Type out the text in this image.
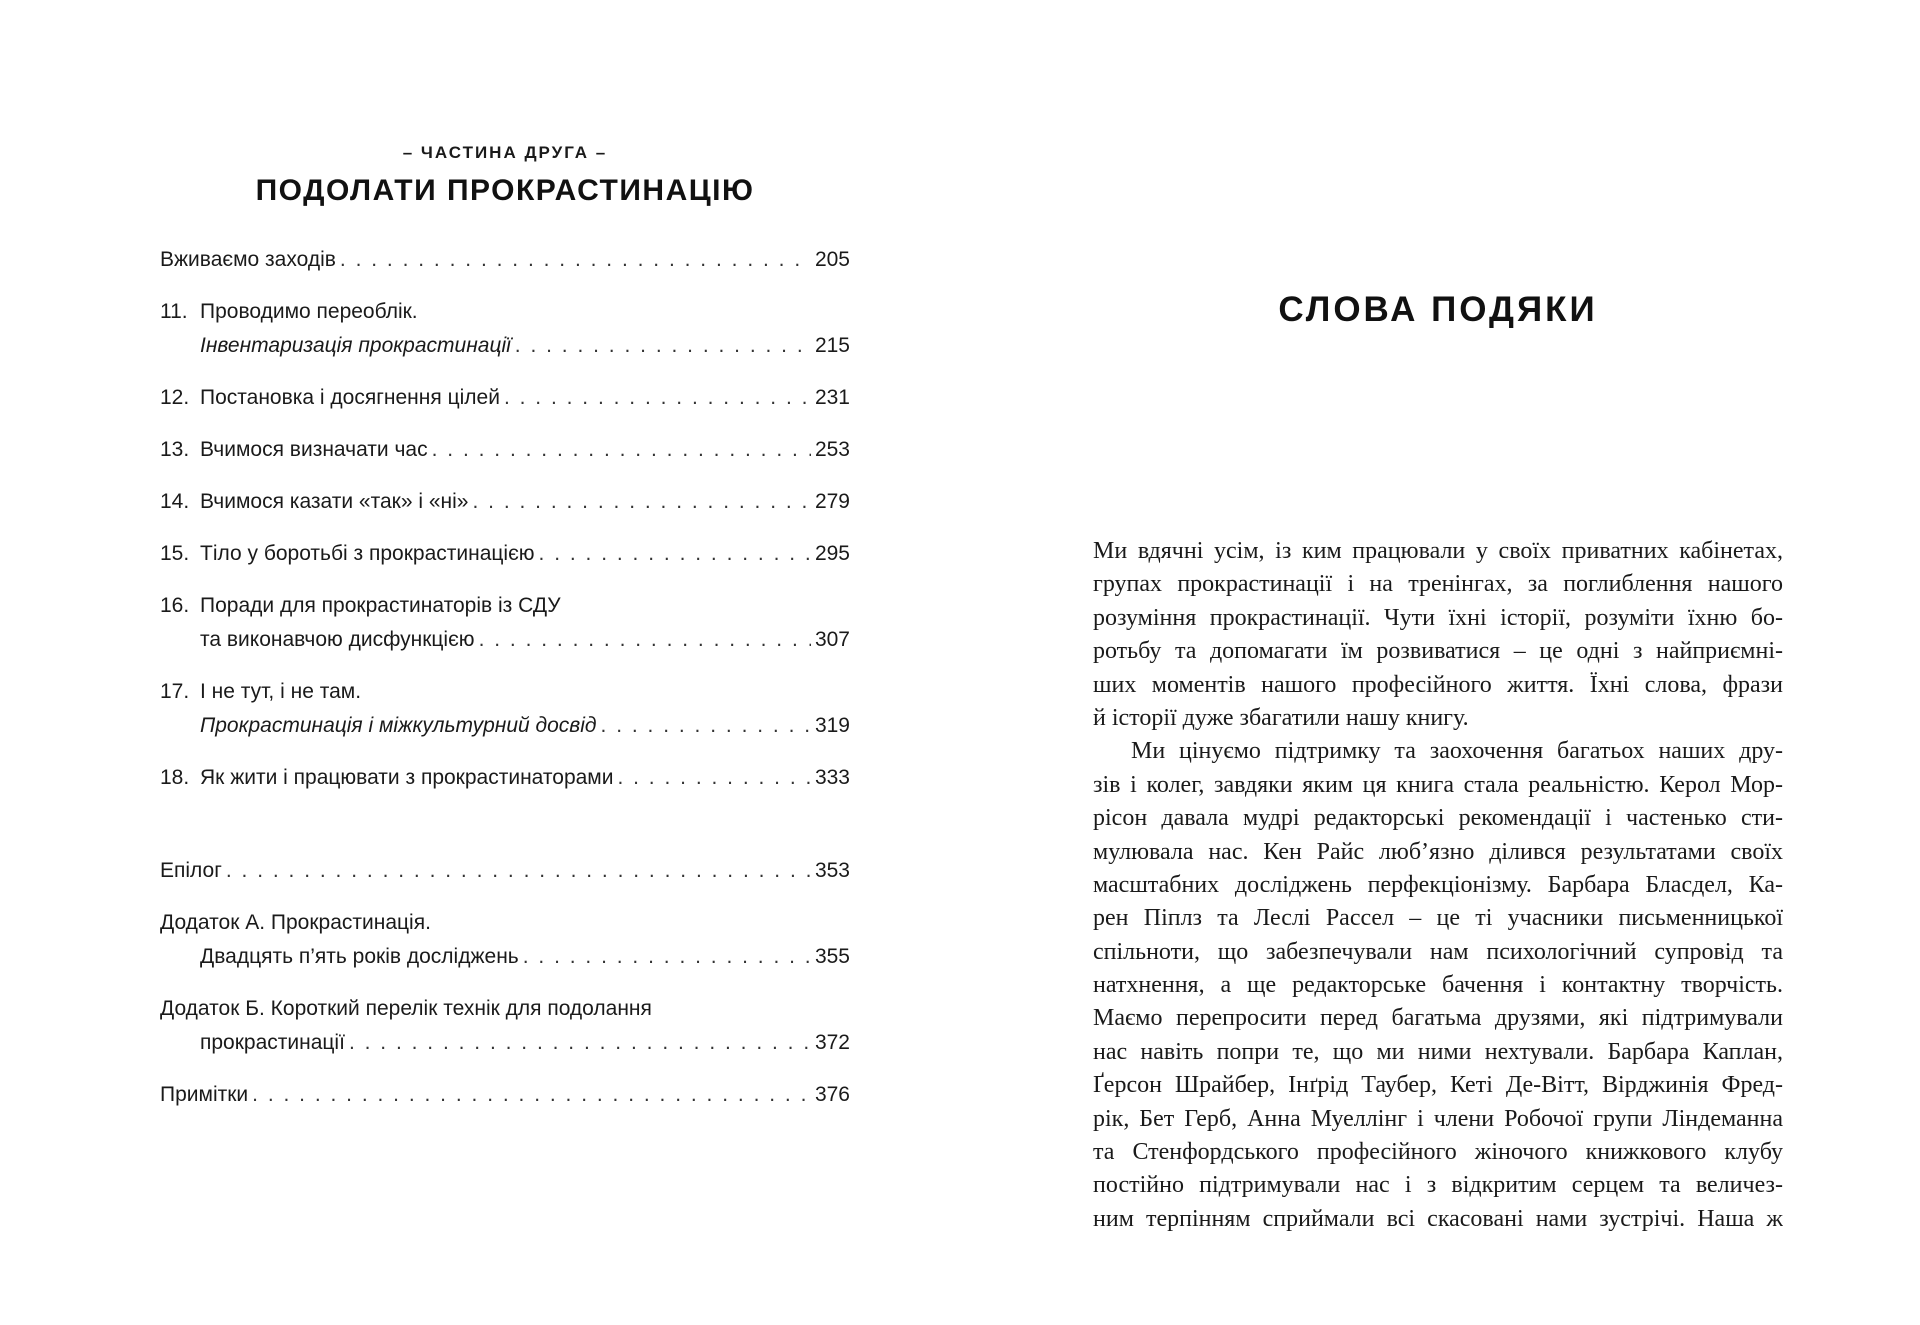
– ЧАСТИНА ДРУГА –
ПОДОЛАТИ ПРОКРАСТИНАЦІЮ
Вживаємо заходів . . .	205
11. Проводимо переоблік.
Інвентаризація прокрастинації . . .	215
12. Постановка і досягнення цілей . . .	231
13. Вчимося визначати час . . .	253
14. Вчимося казати «так» і «ні» . . .	279
15. Тіло у боротьбі з прокрастинацією . . .	295
16. Поради для прокрастинаторів із СДУ
та виконавчою дисфункцією . . .	307
17. І не тут, і не там.
Прокрастинація і міжкультурний досвід . . .	319
18. Як жити і працювати з прокрастинаторами . . .	333
Епілог . . .	353
Додаток А. Прокрастинація.
Двадцять п’ять років досліджень . . .	355
Додаток Б. Короткий перелік технік для подолання
прокрастинації . . .	372
Примітки . . .	376
СЛОВА ПОДЯКИ
Ми вдячні усім, із ким працювали у своїх приватних кабінетах,
групах прокрастинації і на тренінгах, за поглиблення нашого
розуміння прокрастинації. Чути їхні історії, розуміти їхню бо-
ротьбу та допомагати їм розвиватися – це одні з найприємні-
ших моментів нашого професійного життя. Їхні слова, фрази
й історії дуже збагатили нашу книгу.
Ми цінуємо підтримку та заохочення багатьох наших дру-
зів і колег, завдяки яким ця книга стала реальністю. Керол Мор-
рісон давала мудрі редакторські рекомендації і частенько сти-
мулювала нас. Кен Райс люб’язно ділився результатами своїх
масштабних досліджень перфекціонізму. Барбара Бласдел, Ка-
рен Піплз та Леслі Рассел – це ті учасники письменницької
спільноти, що забезпечували нам психологічний супровід та
натхнення, а ще редакторське бачення і контактну творчість.
Маємо перепросити перед багатьма друзями, які підтримували
нас навіть попри те, що ми ними нехтували. Барбара Каплан,
Ґерсон Шрайбер, Інґрід Таубер, Кеті Де-Вітт, Вірджинія Фред-
рік, Бет Герб, Анна Муеллінг і члени Робочої групи Ліндеманна
та Стенфордського професійного жіночого книжкового клубу
постійно підтримували нас і з відкритим серцем та величез-
ним терпінням сприймали всі скасовані нами зустрічі. Наша ж
